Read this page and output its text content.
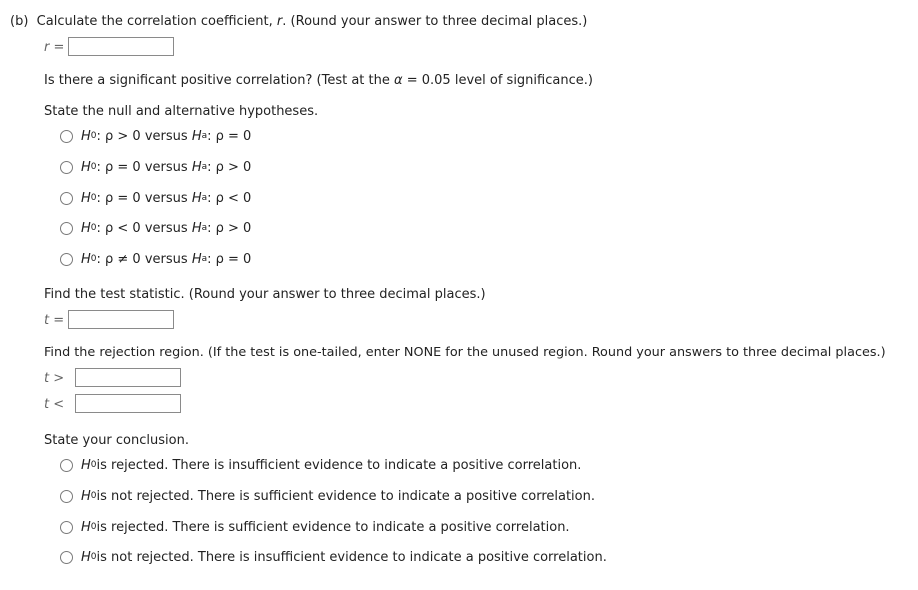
(b) Calculate the correlation coefficient, r. (Round your answer to three decimal places.)
r =
Is there a significant positive correlation? (Test at the α = 0.05 level of significance.)
State the null and alternative hypotheses.
H 0 : ρ > 0 versus
H a : ρ = 0
H 0 : ρ = 0 versus
H a : ρ > 0
H 0 : ρ = 0 versus
H a : ρ < 0
H 0 : ρ < 0 versus
H a : ρ > 0
H 0 : ρ ≠ 0 versus
H a : ρ = 0
Find the test statistic. (Round your answer to three decimal places.)
t =
Find the rejection region. (If the test is one-tailed, enter NONE for the unused region. Round your answers to three decimal places.)
t >
t <
State your conclusion.
H 0 is rejected. There is insufficient evidence to indicate a positive correlation.
H 0 is not rejected. There is sufficient evidence to indicate a positive correlation.
H 0 is rejected. There is sufficient evidence to indicate a positive correlation.
H 0 is not rejected. There is insufficient evidence to indicate a positive correlation.
